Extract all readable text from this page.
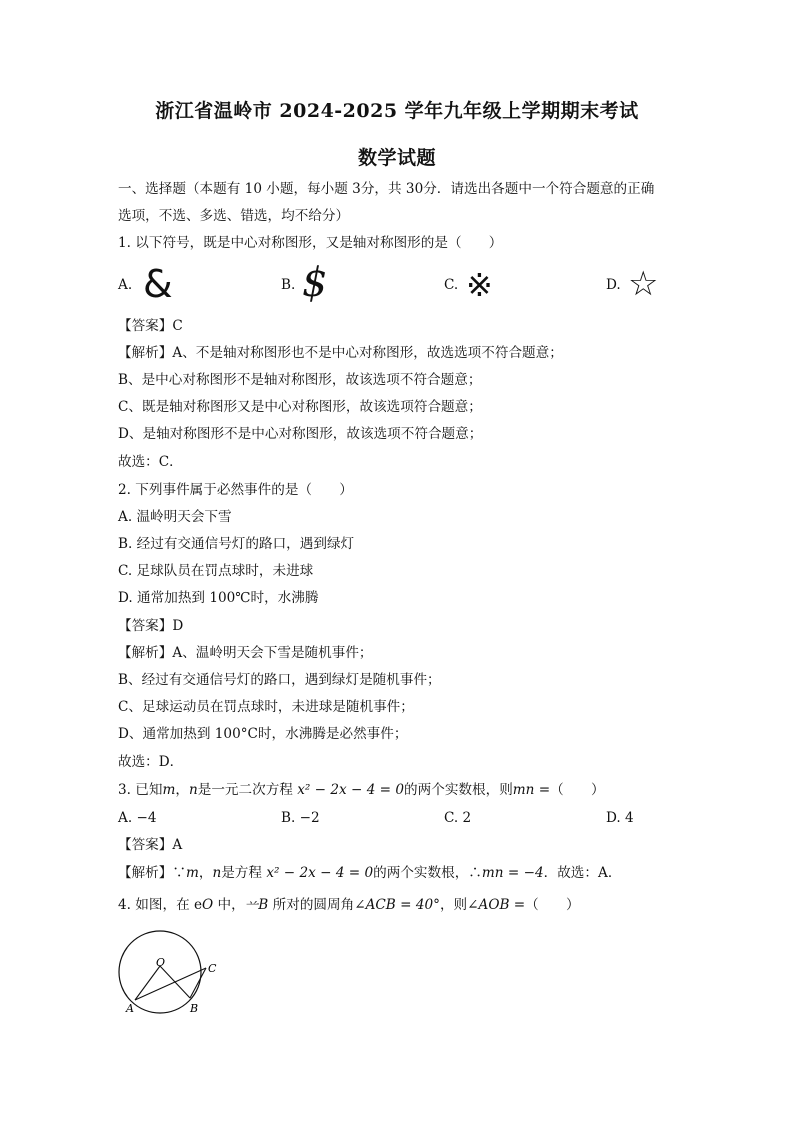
浙江省温岭市 2024-2025 学年九年级上学期期末考试
数学试题
一、选择题（本题有 10 小题，每小题 3分，共 30分．请选出各题中一个符合题意的正确
选项，不选、多选、错选，均不给分）
1. 以下符号，既是中心对称图形，又是轴对称图形的是（　　）
A. &	B. $	C. ※	D. ☆
【答案】C
【解析】A、不是轴对称图形也不是中心对称图形，故选选项不符合题意；
B、是中心对称图形不是轴对称图形，故该选项不符合题意；
C、既是轴对称图形又是中心对称图形，故该选项符合题意；
D、是轴对称图形不是中心对称图形，故该选项不符合题意；
故选：C．
2. 下列事件属于必然事件的是（　　）
A. 温岭明天会下雪
B. 经过有交通信号灯的路口，遇到绿灯
C. 足球队员在罚点球时，未进球
D. 通常加热到 100℃时，水沸腾
【答案】D
【解析】A、温岭明天会下雪是随机事件；
B、经过有交通信号灯的路口，遇到绿灯是随机事件；
C、足球运动员在罚点球时，未进球是随机事件；
D、通常加热到 100°C时，水沸腾是必然事件；
故选：D．
3. 已知m，n是一元二次方程 x² − 2x − 4 = 0的两个实数根，则mn =（　　）
A. −4	B. −2	C. 2	D. 4
【答案】A
【解析】∵m，n是方程 x² − 2x − 4 = 0的两个实数根，∴mn = −4．故选：A．
4. 如图，在 eO 中，䒑B 所对的圆周角∠ACB = 40°，则∠AOB =（　　）
O
A	B
C
